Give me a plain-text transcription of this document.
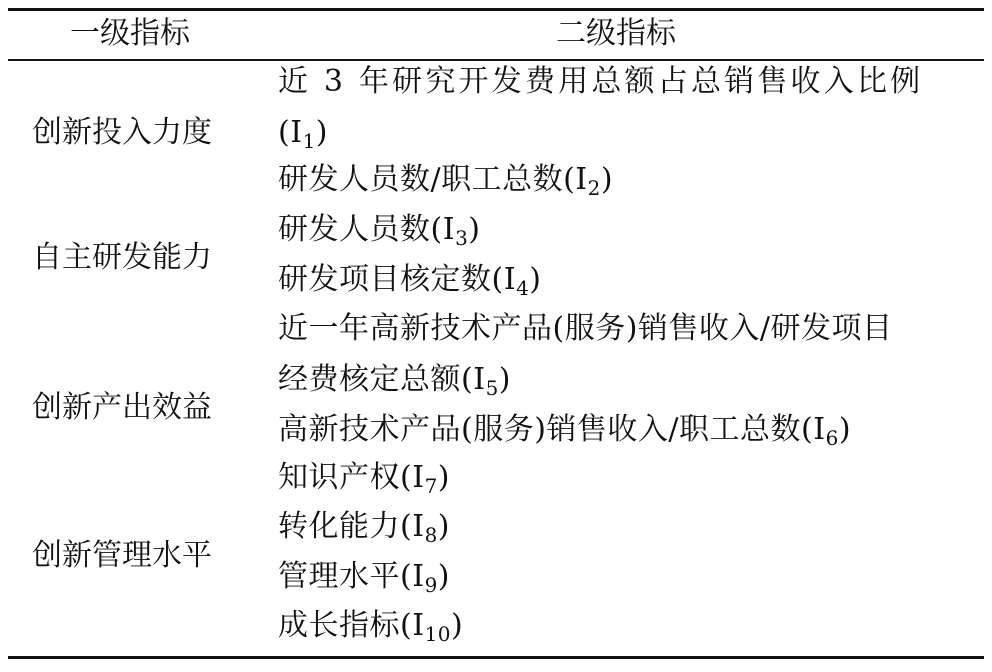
一级指标	二级指标
创新投入力度
近 3 年研究开发费用总额占总销售收入比例
$(I_1)$
研发人员数/职工总数$(I_2)$
自主研发能力
研发人员数$(I_3)$
研发项目核定数$(I_4)$
创新产出效益
近一年高新技术产品(服务)销售收入/研发项目
经费核定总额$(I_5)$
高新技术产品(服务)销售收入/职工总数$(I_6)$
创新管理水平
知识产权$(I_7)$
转化能力$(I_8)$
管理水平$(I_9)$
成长指标$(I_{10})$
